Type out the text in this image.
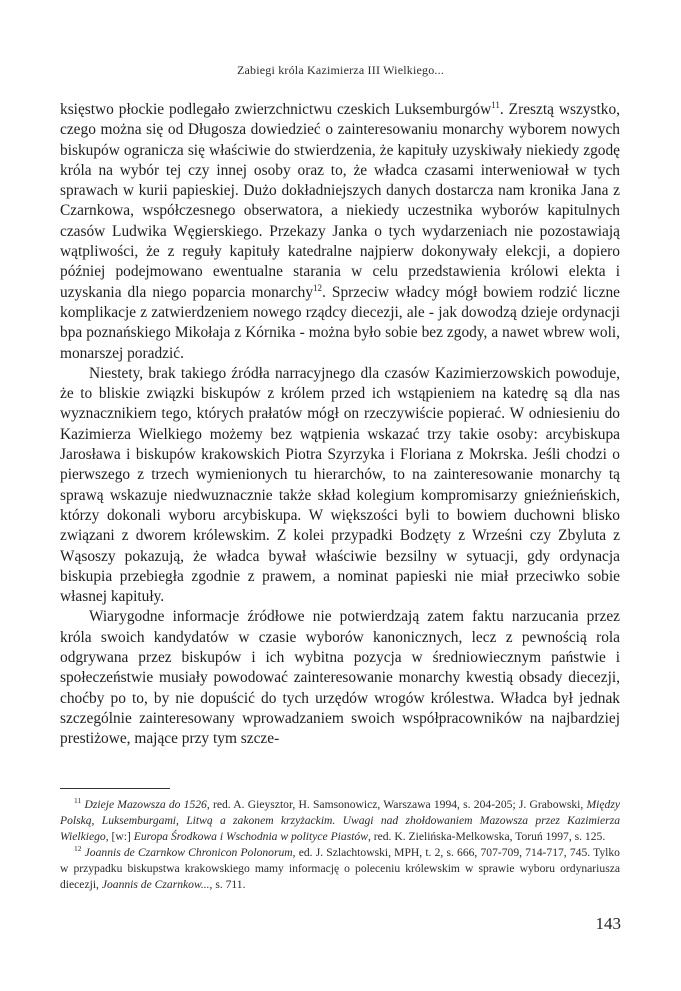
Zabiegi króla Kazimierza III Wielkiego...

księstwo płockie podlegało zwierzchnictwu czeskich Luksemburgów$^{11}$. Zresztą wszystko, czego można się od Długosza dowiedzieć o zainteresowaniu monarchy wyborem nowych biskupów ogranicza się właściwie do stwierdzenia, że kapituły uzyskiwały niekiedy zgodę króla na wybór tej czy innej osoby oraz to, że władca czasami interweniował w tych sprawach w kurii papieskiej. Dużo dokładniejszych danych dostarcza nam kronika Jana z Czarnkowa, współczesnego obserwatora, a niekiedy uczestnika wyborów kapitulnych czasów Ludwika Węgierskiego. Przekazy Janka o tych wydarzeniach nie pozostawiają wątpliwości, że z reguły kapituły katedralne najpierw dokonywały elekcji, a dopiero później podejmowano ewentualne starania w celu przedstawienia królowi elekta i uzyskania dla niego poparcia monarchy$^{12}$. Sprzeciw władcy mógł bowiem rodzić liczne komplikacje z zatwierdzeniem nowego rządcy diecezji, ale - jak dowodzą dzieje ordynacji bpa poznańskiego Mikołaja z Kórnika - można było sobie bez zgody, a nawet wbrew woli, monarszej poradzić.

Niestety, brak takiego źródła narracyjnego dla czasów Kazimierzowskich powoduje, że to bliskie związki biskupów z królem przed ich wstąpieniem na katedrę są dla nas wyznacznikiem tego, których prałatów mógł on rzeczywiście popierać. W odniesieniu do Kazimierza Wielkiego możemy bez wątpienia wskazać trzy takie osoby: arcybiskupa Jarosława i biskupów krakowskich Piotra Szyrzyka i Floriana z Mokrska. Jeśli chodzi o pierwszego z trzech wymienionych tu hierarchów, to na zainteresowanie monarchy tą sprawą wskazuje niedwuznacznie także skład kolegium kompromisarzy gnieźnieńskich, którzy dokonali wyboru arcybiskupa. W większości byli to bowiem duchowni blisko związani z dworem królewskim. Z kolei przypadki Bodzęty z Wrześni czy Zbyluta z Wąsoszy pokazują, że władca bywał właściwie bezsilny w sytuacji, gdy ordynacja biskupia przebiegła zgodnie z prawem, a nominat papieski nie miał przeciwko sobie własnej kapituły.

Wiarygodne informacje źródłowe nie potwierdzają zatem faktu narzucania przez króla swoich kandydatów w czasie wyborów kanonicznych, lecz z pewnością rola odgrywana przez biskupów i ich wybitna pozycja w średniowiecznym państwie i społeczeństwie musiały powodować zainteresowanie monarchy kwestią obsady diecezji, choćby po to, by nie dopuścić do tych urzędów wrogów królestwa. Władca był jednak szczególnie zainteresowany wprowadzaniem swoich współpracowników na najbardziej prestiżowe, mające przy tym szcze-

$^{11}$ Dzieje Mazowsza do 1526, red. A. Gieysztor, H. Samsonowicz, Warszawa 1994, s. 204-205; J. Grabowski, Między Polską, Luksemburgami, Litwą a zakonem krzyżackim. Uwagi nad zhołdowaniem Mazowsza przez Kazimierza Wielkiego, [w:] Europa Środkowa i Wschodnia w polityce Piastów, red. K. Zielińska-Melkowska, Toruń 1997, s. 125.

$^{12}$ Joannis de Czarnkow Chronicon Polonorum, ed. J. Szlachtowski, MPH, t. 2, s. 666, 707-709, 714-717, 745. Tylko w przypadku biskupstwa krakowskiego mamy informację o poleceniu królewskim w sprawie wyboru ordynariusza diecezji, Joannis de Czarnkow..., s. 711.

143
